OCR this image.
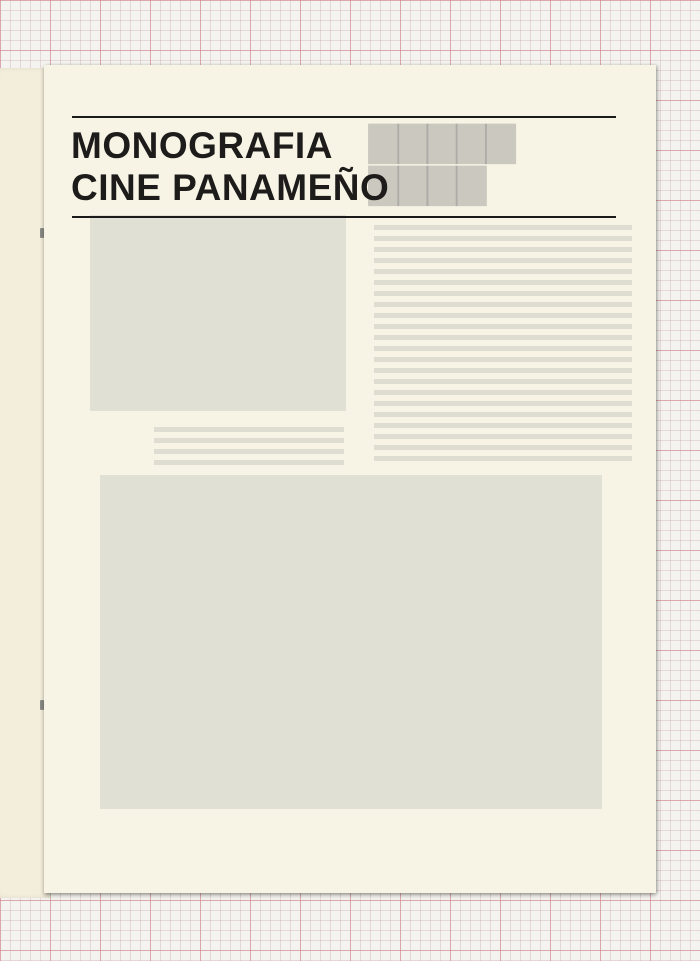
▇▇▇▇▇
▇▇▇▇
MONOGRAFIA
CINE PANAMEÑO
